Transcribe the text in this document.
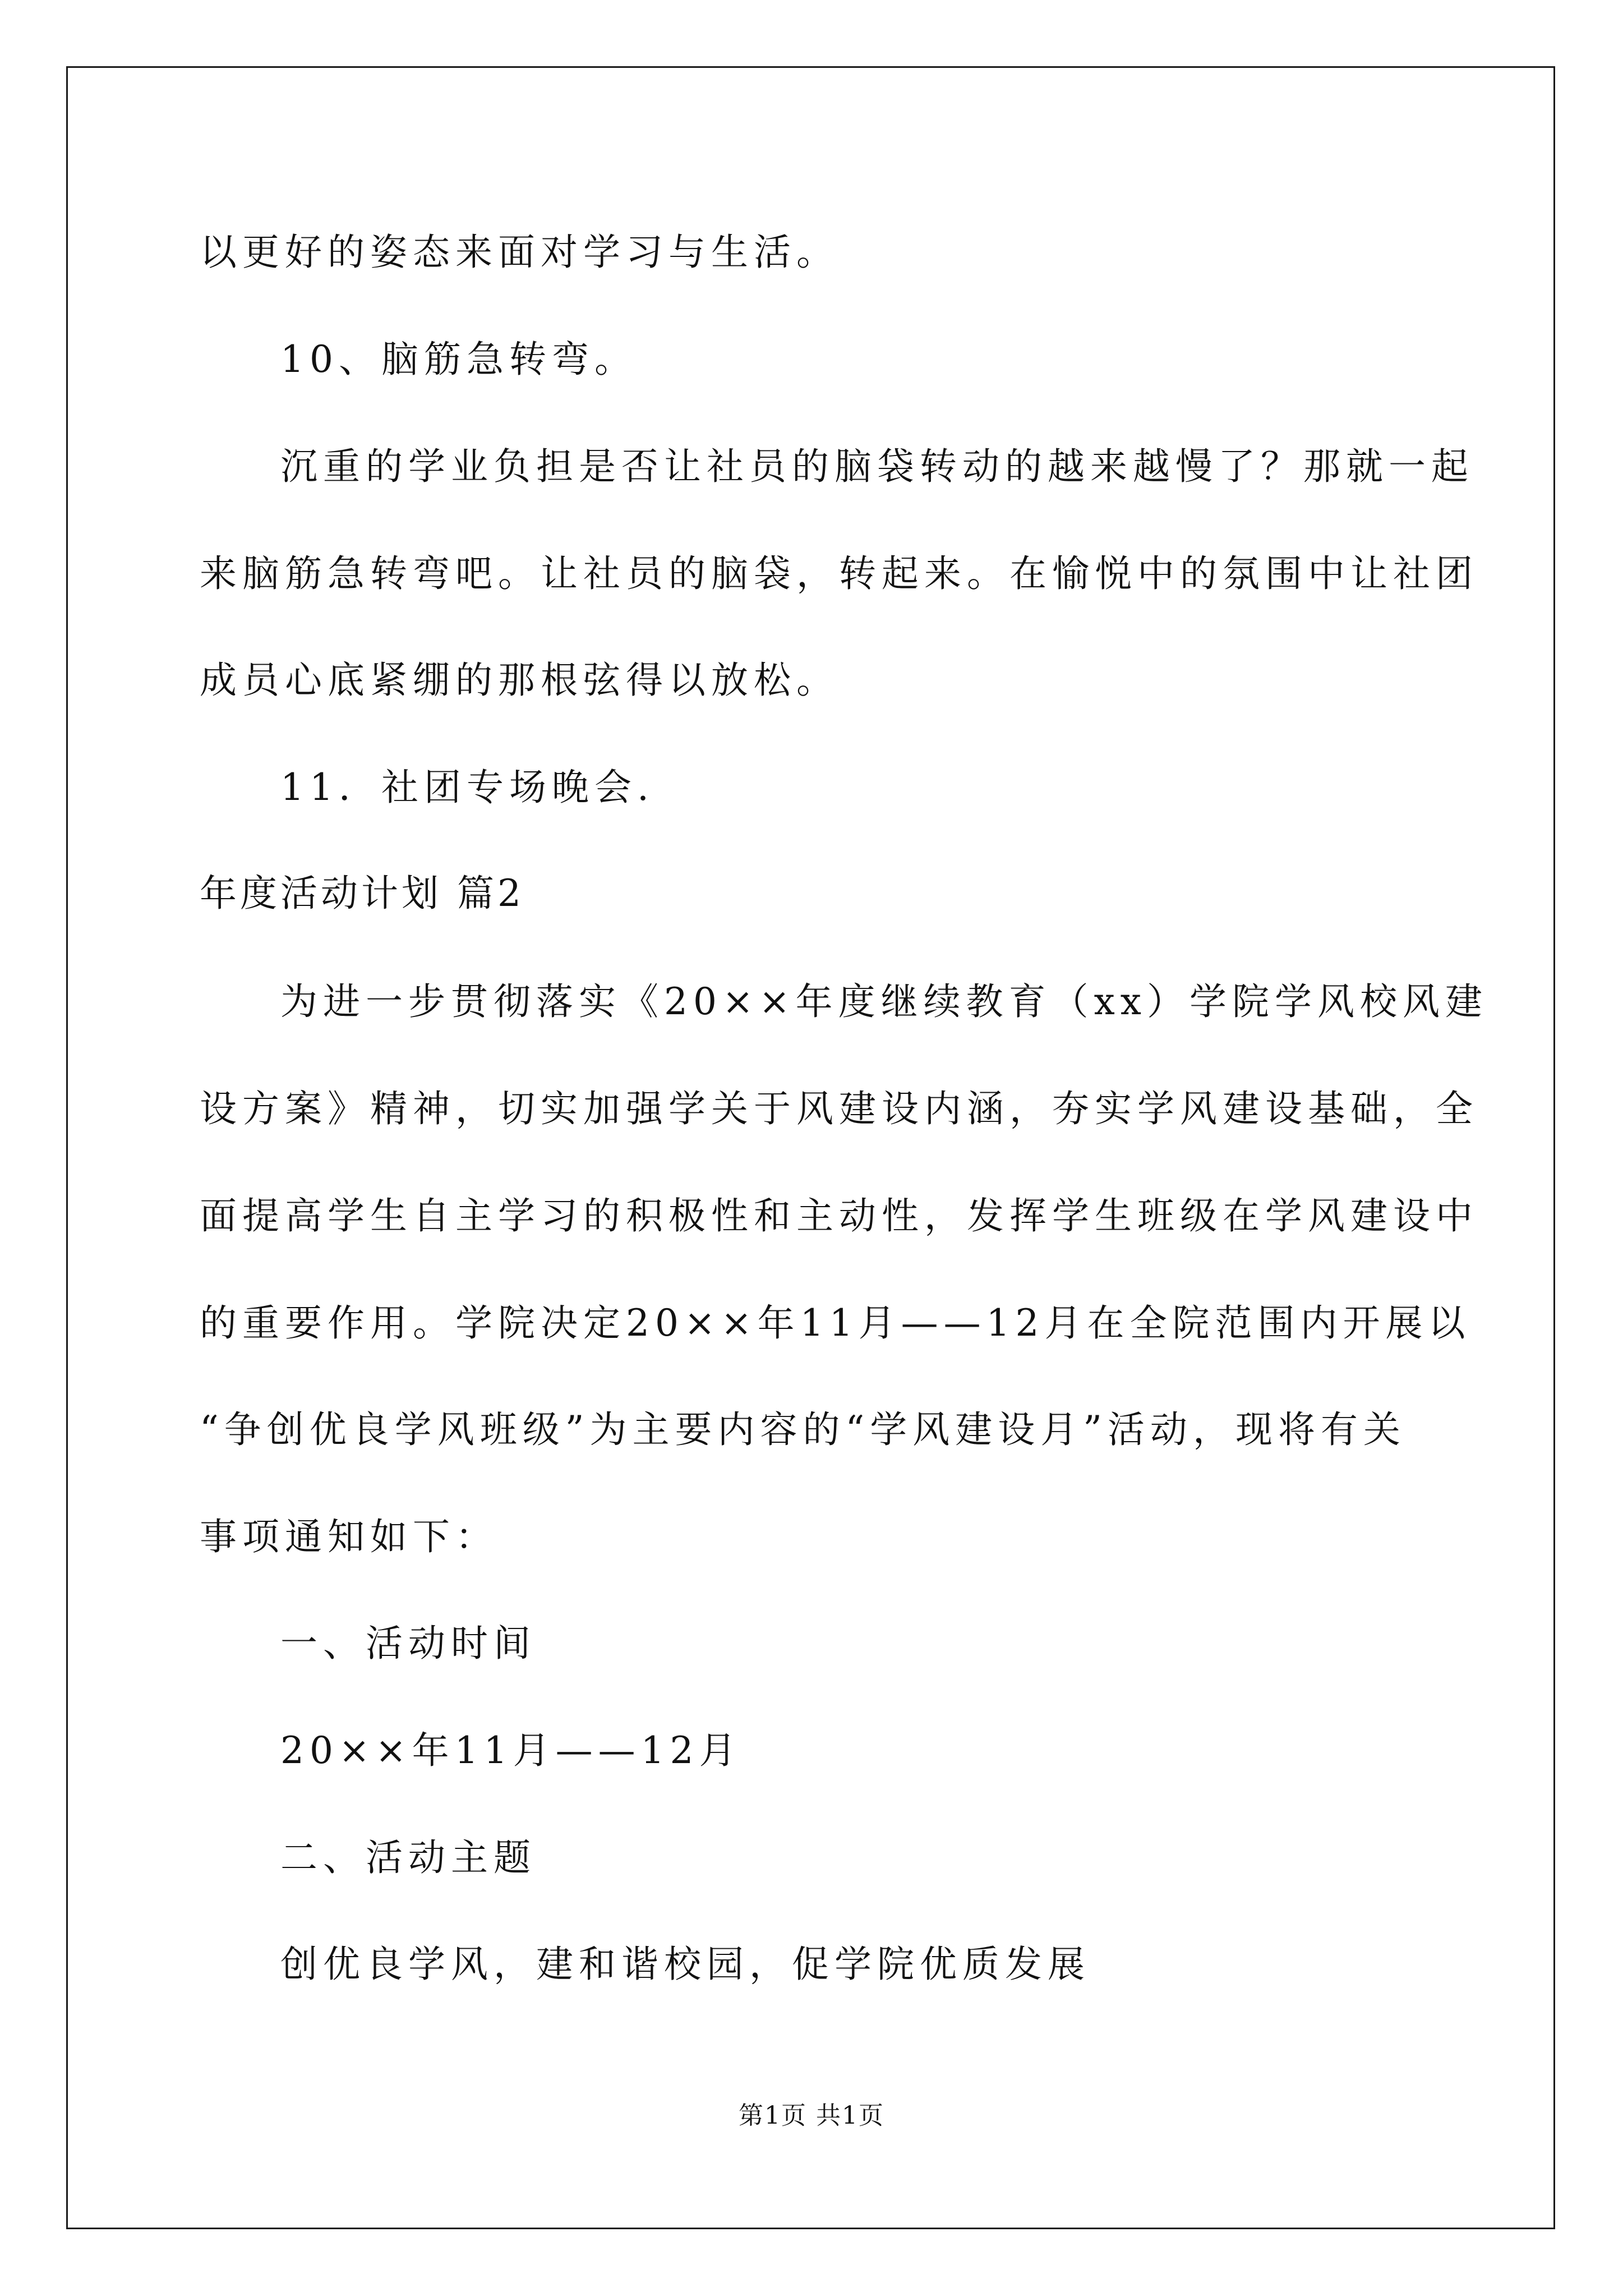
以更好的姿态来面对学习与生活。
10、脑筋急转弯。
沉重的学业负担是否让社员的脑袋转动的越来越慢了？那就一起
来脑筋急转弯吧。让社员的脑袋，转起来。在愉悦中的氛围中让社团
成员心底紧绷的那根弦得以放松。
11．社团专场晚会.
年度活动计划 篇2
为进一步贯彻落实《20××年度继续教育（xx）学院学风校风建
设方案》精神，切实加强学关于风建设内涵，夯实学风建设基础，全
面提高学生自主学习的积极性和主动性，发挥学生班级在学风建设中
的重要作用。学院决定20××年11月——12月在全院范围内开展以
“争创优良学风班级”为主要内容的“学风建设月”活动，现将有关
事项通知如下：
一、活动时间
20××年11月——12月
二、活动主题
创优良学风，建和谐校园，促学院优质发展
第1页 共1页
